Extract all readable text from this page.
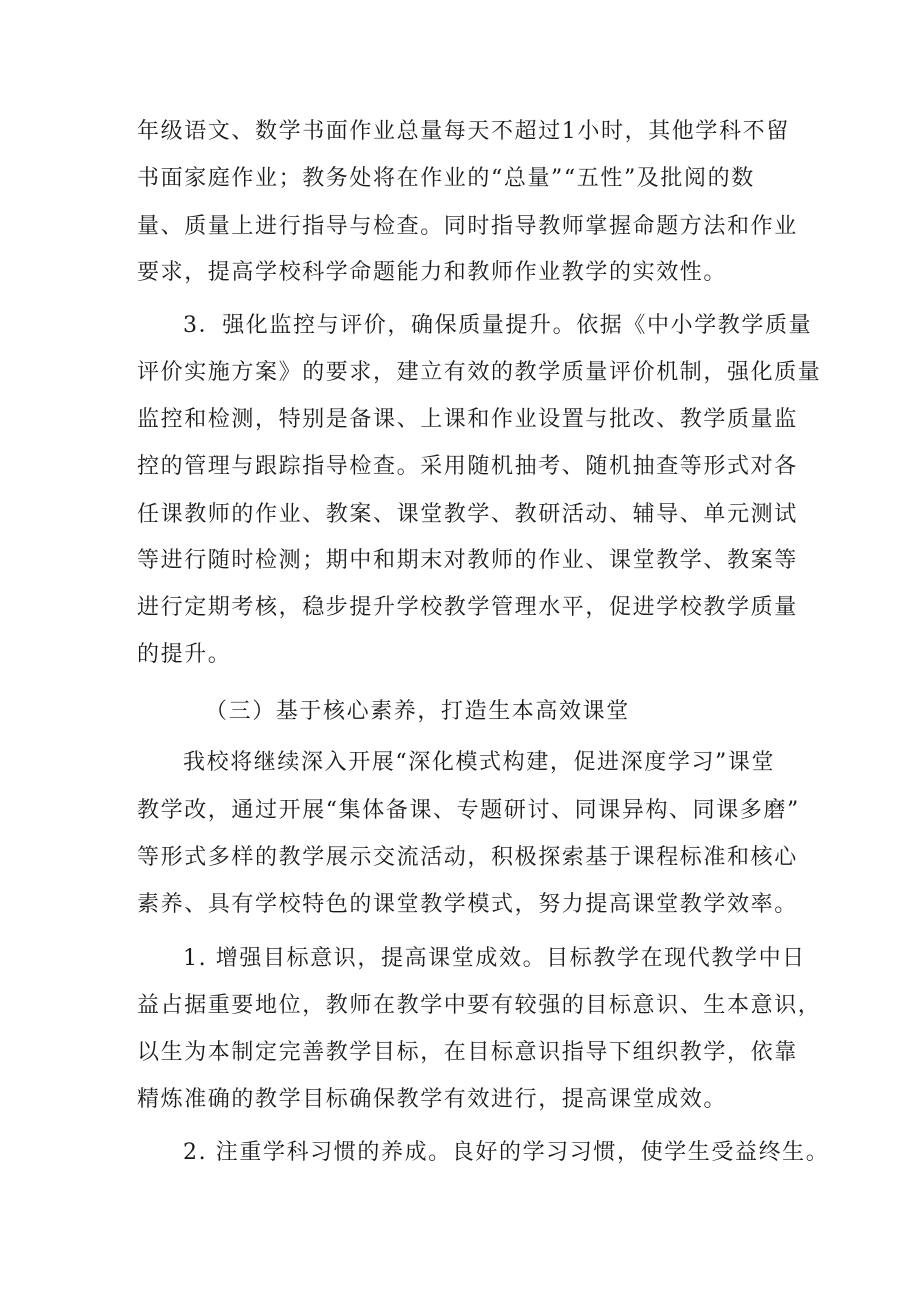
年级语文、数学书面作业总量每天不超过1小时，其他学科不留
书面家庭作业；教务处将在作业的“总量”“五性”及批阅的数
量、质量上进行指导与检查。同时指导教师掌握命题方法和作业
要求，提高学校科学命题能力和教师作业教学的实效性。
3．强化监控与评价，确保质量提升。依据《中小学教学质量
评价实施方案》的要求，建立有效的教学质量评价机制，强化质量
监控和检测，特别是备课、上课和作业设置与批改、教学质量监
控的管理与跟踪指导检查。采用随机抽考、随机抽查等形式对各
任课教师的作业、教案、课堂教学、教研活动、辅导、单元测试
等进行随时检测；期中和期末对教师的作业、课堂教学、教案等
进行定期考核，稳步提升学校教学管理水平，促进学校教学质量
的提升。
（三）基于核心素养，打造生本高效课堂
我校将继续深入开展“深化模式构建，促进深度学习”课堂
教学改，通过开展“集体备课、专题研讨、同课异构、同课多磨”
等形式多样的教学展示交流活动，积极探索基于课程标准和核心
素养、具有学校特色的课堂教学模式，努力提高课堂教学效率。
1. 增强目标意识，提高课堂成效。目标教学在现代教学中日
益占据重要地位，教师在教学中要有较强的目标意识、生本意识，
以生为本制定完善教学目标，在目标意识指导下组织教学，依靠
精炼准确的教学目标确保教学有效进行，提高课堂成效。
2. 注重学科习惯的养成。良好的学习习惯，使学生受益终生。
